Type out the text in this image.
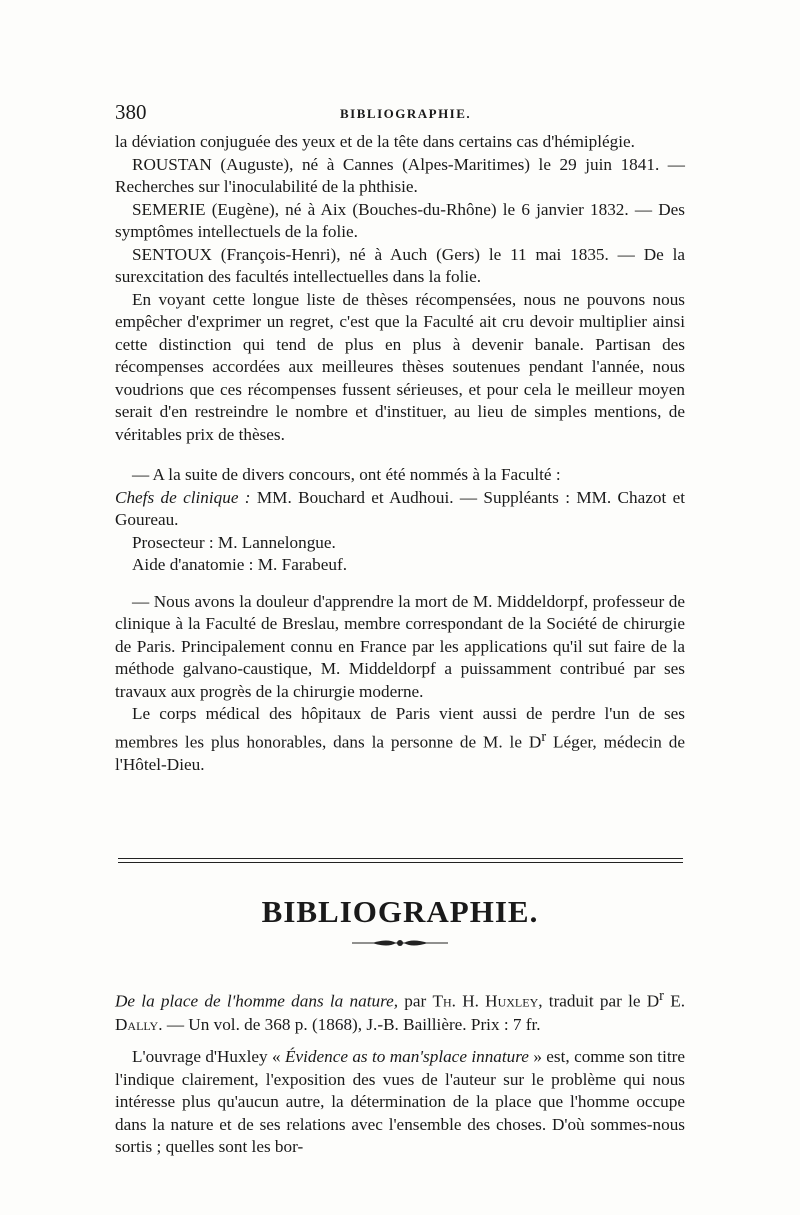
380	BIBLIOGRAPHIE.

la déviation conjuguée des yeux et de la tête dans certains cas d'hémiplégie.

ROUSTAN (Auguste), né à Cannes (Alpes-Maritimes) le 29 juin 1841. — Recherches sur l'inoculabilité de la phthisie.

SEMERIE (Eugène), né à Aix (Bouches-du-Rhône) le 6 janvier 1832. — Des symptômes intellectuels de la folie.

SENTOUX (François-Henri), né à Auch (Gers) le 11 mai 1835. — De la surexcitation des facultés intellectuelles dans la folie.

En voyant cette longue liste de thèses récompensées, nous ne pouvons nous empêcher d'exprimer un regret, c'est que la Faculté ait cru devoir multiplier ainsi cette distinction qui tend de plus en plus à devenir banale. Partisan des récompenses accordées aux meilleures thèses soutenues pendant l'année, nous voudrions que ces récompenses fussent sérieuses, et pour cela le meilleur moyen serait d'en restreindre le nombre et d'instituer, au lieu de simples mentions, de véritables prix de thèses.

— A la suite de divers concours, ont été nommés à la Faculté :

Chefs de clinique : MM. Bouchard et Audhoui. — Suppléants : MM. Chazot et Goureau.

Prosecteur : M. Lannelongue.

Aide d'anatomie : M. Farabeuf.

— Nous avons la douleur d'apprendre la mort de M. Middeldorpf, professeur de clinique à la Faculté de Breslau, membre correspondant de la Société de chirurgie de Paris. Principalement connu en France par les applications qu'il sut faire de la méthode galvano-caustique, M. Middeldorpf a puissamment contribué par ses travaux aux progrès de la chirurgie moderne.

Le corps médical des hôpitaux de Paris vient aussi de perdre l'un de ses membres les plus honorables, dans la personne de M. le $D^r$ Léger, médecin de l'Hôtel-Dieu.

BIBLIOGRAPHIE.

De la place de l'homme dans la nature, par Th. H. Huxley, traduit par le $D^r$ E. Dally. — Un vol. de 368 p. (1868), J.-B. Baillière. Prix : 7 fr.

L'ouvrage d'Huxley « Évidence as to man'splace innature » est, comme son titre l'indique clairement, l'exposition des vues de l'auteur sur le problème qui nous intéresse plus qu'aucun autre, la détermination de la place que l'homme occupe dans la nature et de ses relations avec l'ensemble des choses. D'où sommes-nous sortis ; quelles sont les bor-
